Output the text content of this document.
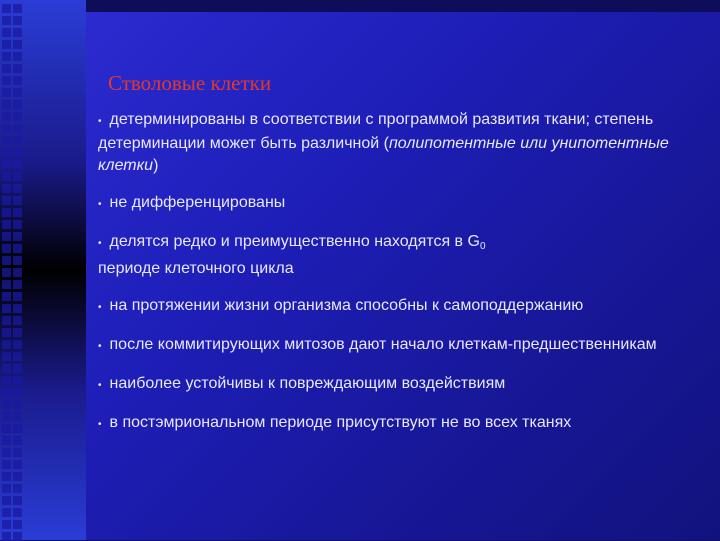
Стволовые клетки
• детерминированы в соответствии с программой развития ткани; степень детерминации может быть различной (полипотентные или унипотентные клетки)
• не дифференцированы
• делятся редко и преимущественно находятся в $G_0$
периоде клеточного цикла
• на протяжении жизни организма способны к самоподдержанию
• после коммитирующих митозов дают начало клеткам-предшественникам
• наиболее устойчивы к повреждающим воздействиям
• в постэмриональном периоде присутствуют не во всех тканях
